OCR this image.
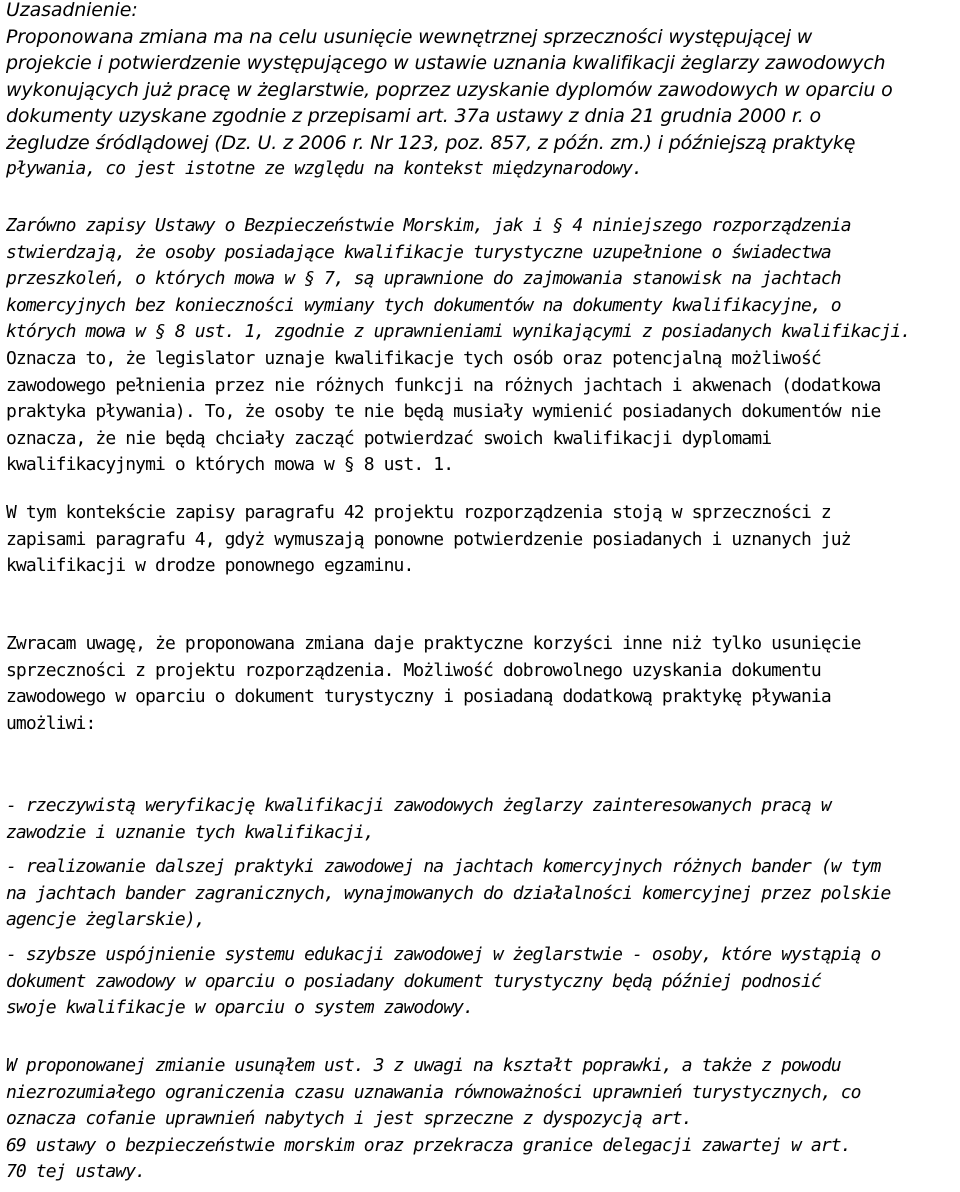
Uzasadnienie:
Proponowana zmiana ma na celu usunięcie wewnętrznej sprzeczności występującej w
projekcie i potwierdzenie występującego w ustawie uznania kwalifikacji żeglarzy zawodowych
wykonujących już pracę w żeglarstwie, poprzez uzyskanie dyplomów zawodowych w oparciu o
dokumenty uzyskane zgodnie z przepisami art. 37a ustawy z dnia 21 grudnia 2000 r. o
żegludze śródlądowej (Dz. U. z 2006 r. Nr 123, poz. 857, z późn. zm.) i późniejszą praktykę
pływania, co jest istotne ze względu na kontekst międzynarodowy.
Zarówno zapisy Ustawy o Bezpieczeństwie Morskim, jak i § 4 niniejszego rozporządzenia
stwierdzają, że osoby posiadające kwalifikacje turystyczne uzupełnione o świadectwa
przeszkoleń, o których mowa w § 7, są uprawnione do zajmowania stanowisk na jachtach
komercyjnych bez konieczności wymiany tych dokumentów na dokumenty kwalifikacyjne, o
których mowa w § 8 ust. 1, zgodnie z uprawnieniami wynikającymi z posiadanych kwalifikacji.
Oznacza to, że legislator uznaje kwalifikacje tych osób oraz potencjalną możliwość
zawodowego pełnienia przez nie różnych funkcji na różnych jachtach i akwenach (dodatkowa
praktyka pływania). To, że osoby te nie będą musiały wymienić posiadanych dokumentów nie
oznacza, że nie będą chciały zacząć potwierdzać swoich kwalifikacji dyplomami
kwalifikacyjnymi o których mowa w § 8 ust. 1.
W tym kontekście zapisy paragrafu 42 projektu rozporządzenia stoją w sprzeczności z
zapisami paragrafu 4, gdyż wymuszają ponowne potwierdzenie posiadanych i uznanych już
kwalifikacji w drodze ponownego egzaminu.
Zwracam uwagę, że proponowana zmiana daje praktyczne korzyści inne niż tylko usunięcie
sprzeczności z projektu rozporządzenia. Możliwość dobrowolnego uzyskania dokumentu
zawodowego w oparciu o dokument turystyczny i posiadaną dodatkową praktykę pływania
umożliwi:
- rzeczywistą weryfikację kwalifikacji zawodowych żeglarzy zainteresowanych pracą w
zawodzie i uznanie tych kwalifikacji,
- realizowanie dalszej praktyki zawodowej na jachtach komercyjnych różnych bander (w tym
na jachtach bander zagranicznych, wynajmowanych do działalności komercyjnej przez polskie
agencje żeglarskie),
- szybsze uspójnienie systemu edukacji zawodowej w żeglarstwie - osoby, które wystąpią o
dokument zawodowy w oparciu o posiadany dokument turystyczny będą później podnosić
swoje kwalifikacje w oparciu o system zawodowy.
W proponowanej zmianie usunąłem ust. 3 z uwagi na kształt poprawki, a także z powodu
niezrozumiałego ograniczenia czasu uznawania równoważności uprawnień turystycznych, co
oznacza cofanie uprawnień nabytych i jest sprzeczne z dyspozycją art.
69 ustawy o bezpieczeństwie morskim oraz przekracza granice delegacji zawartej w art.
70 tej ustawy.
